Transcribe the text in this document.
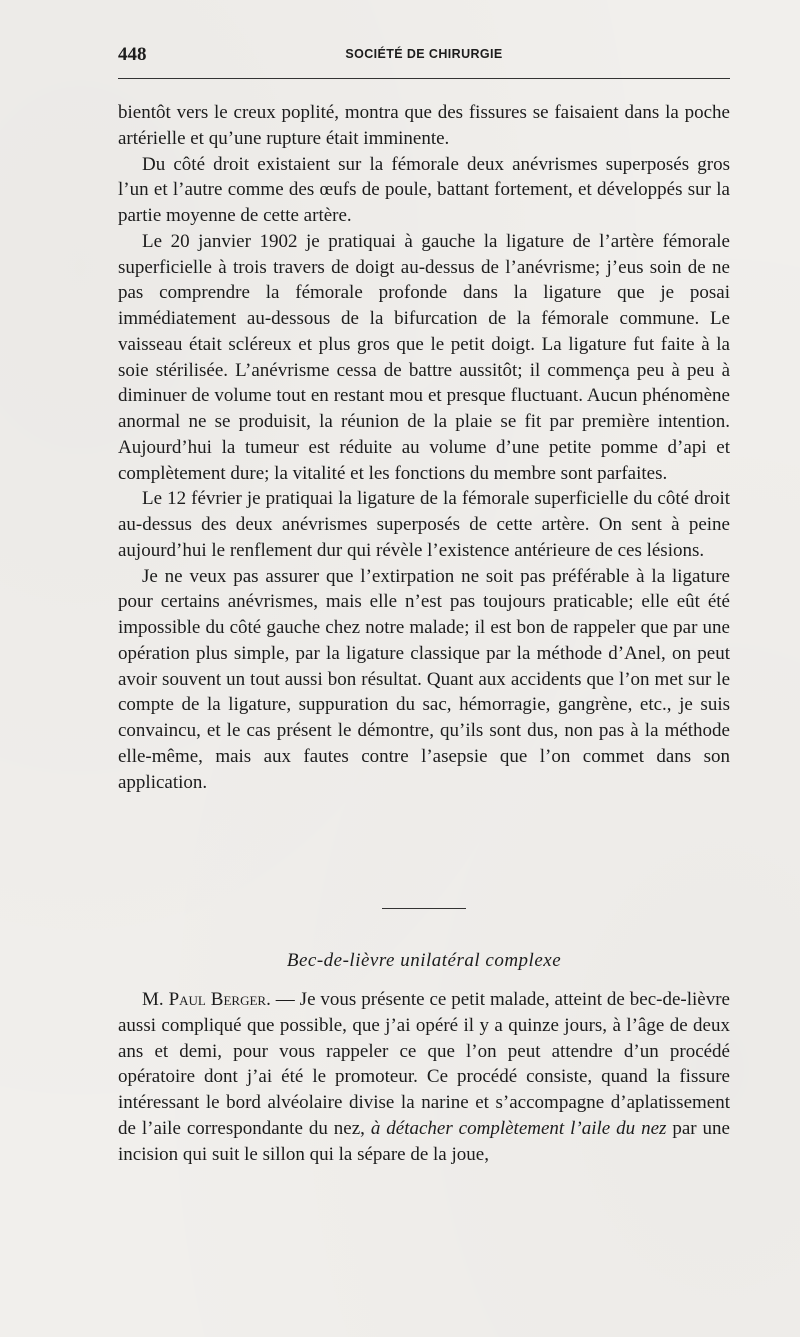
448	SOCIÉTÉ DE CHIRURGIE

bientôt vers le creux poplité, montra que des fissures se faisaient dans la poche artérielle et qu’une rupture était imminente.

Du côté droit existaient sur la fémorale deux anévrismes superposés gros l’un et l’autre comme des œufs de poule, battant fortement, et développés sur la partie moyenne de cette artère.

Le 20 janvier 1902 je pratiquai à gauche la ligature de l’artère fémorale superficielle à trois travers de doigt au-dessus de l’anévrisme; j’eus soin de ne pas comprendre la fémorale profonde dans la ligature que je posai immédiatement au-dessous de la bifurcation de la fémorale commune. Le vaisseau était scléreux et plus gros que le petit doigt. La ligature fut faite à la soie stérilisée. L’anévrisme cessa de battre aussitôt; il commença peu à peu à diminuer de volume tout en restant mou et presque fluctuant. Aucun phénomène anormal ne se produisit, la réunion de la plaie se fit par première intention. Aujourd’hui la tumeur est réduite au volume d’une petite pomme d’api et complètement dure; la vitalité et les fonctions du membre sont parfaites.

Le 12 février je pratiquai la ligature de la fémorale superficielle du côté droit au-dessus des deux anévrismes superposés de cette artère. On sent à peine aujourd’hui le renflement dur qui révèle l’existence antérieure de ces lésions.

Je ne veux pas assurer que l’extirpation ne soit pas préférable à la ligature pour certains anévrismes, mais elle n’est pas toujours praticable; elle eût été impossible du côté gauche chez notre malade; il est bon de rappeler que par une opération plus simple, par la ligature classique par la méthode d’Anel, on peut avoir souvent un tout aussi bon résultat. Quant aux accidents que l’on met sur le compte de la ligature, suppuration du sac, hémorragie, gangrène, etc., je suis convaincu, et le cas présent le démontre, qu’ils sont dus, non pas à la méthode elle-même, mais aux fautes contre l’asepsie que l’on commet dans son application.

Bec-de-lièvre unilatéral complexe

M. Paul Berger. — Je vous présente ce petit malade, atteint de bec-de-lièvre aussi compliqué que possible, que j’ai opéré il y a quinze jours, à l’âge de deux ans et demi, pour vous rappeler ce que l’on peut attendre d’un procédé opératoire dont j’ai été le promoteur. Ce procédé consiste, quand la fissure intéressant le bord alvéolaire divise la narine et s’accompagne d’aplatissement de l’aile correspondante du nez, à détacher complètement l’aile du nez par une incision qui suit le sillon qui la sépare de la joue,
